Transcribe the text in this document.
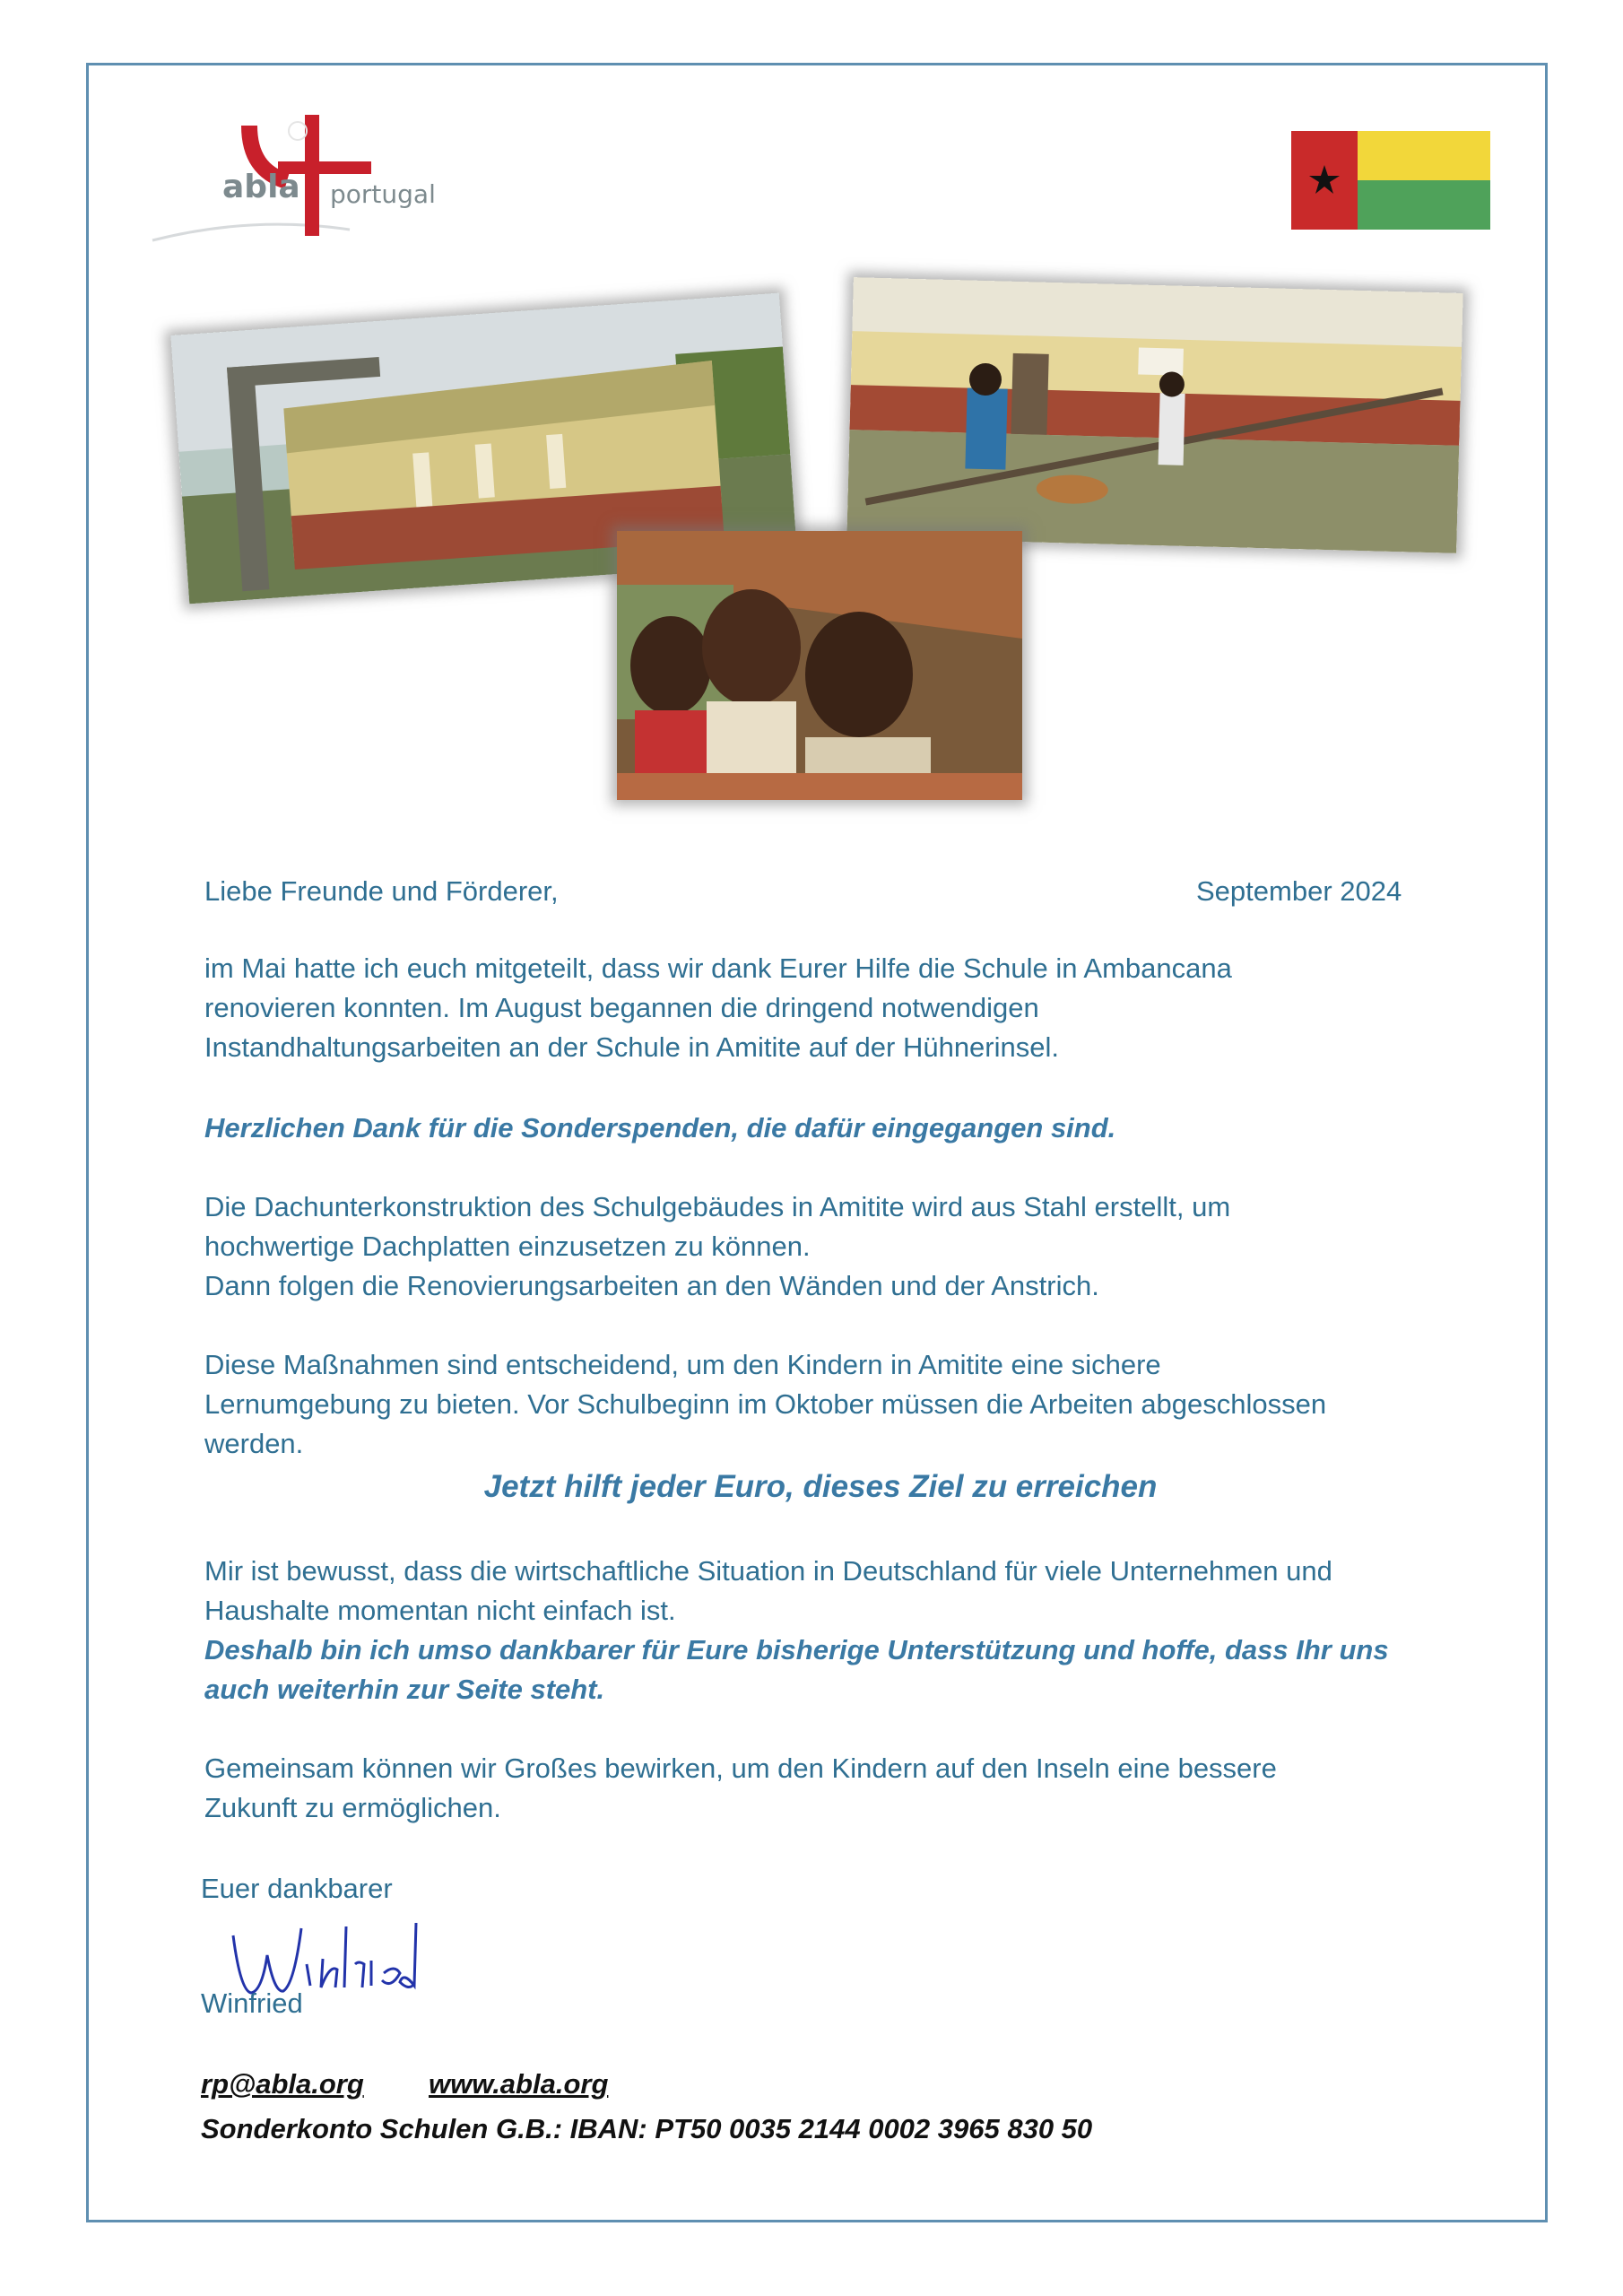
abla portugal
Liebe Freunde und Förderer,	September 2024
im Mai hatte ich euch mitgeteilt, dass wir dank Eurer Hilfe die Schule in Ambancana
renovieren konnten. Im August begannen die dringend notwendigen
Instandhaltungsarbeiten an der Schule in Amitite auf der Hühnerinsel.
Herzlichen Dank für die Sonderspenden, die dafür eingegangen sind.
Die Dachunterkonstruktion des Schulgebäudes in Amitite wird aus Stahl erstellt, um
hochwertige Dachplatten einzusetzen zu können.
Dann folgen die Renovierungsarbeiten an den Wänden und der Anstrich.
Diese Maßnahmen sind entscheidend, um den Kindern in Amitite eine sichere
Lernumgebung zu bieten. Vor Schulbeginn im Oktober müssen die Arbeiten abgeschlossen
werden.
Jetzt hilft jeder Euro, dieses Ziel zu erreichen
Mir ist bewusst, dass die wirtschaftliche Situation in Deutschland für viele Unternehmen und
Haushalte momentan nicht einfach ist.
Deshalb bin ich umso dankbarer für Eure bisherige Unterstützung und hoffe, dass Ihr uns
auch weiterhin zur Seite steht.
Gemeinsam können wir Großes bewirken, um den Kindern auf den Inseln eine bessere
Zukunft zu ermöglichen.
Euer dankbarer
Winfried
rp@abla.org www.abla.org
Sonderkonto Schulen G.B.: IBAN: PT50 0035 2144 0002 3965 830 50
